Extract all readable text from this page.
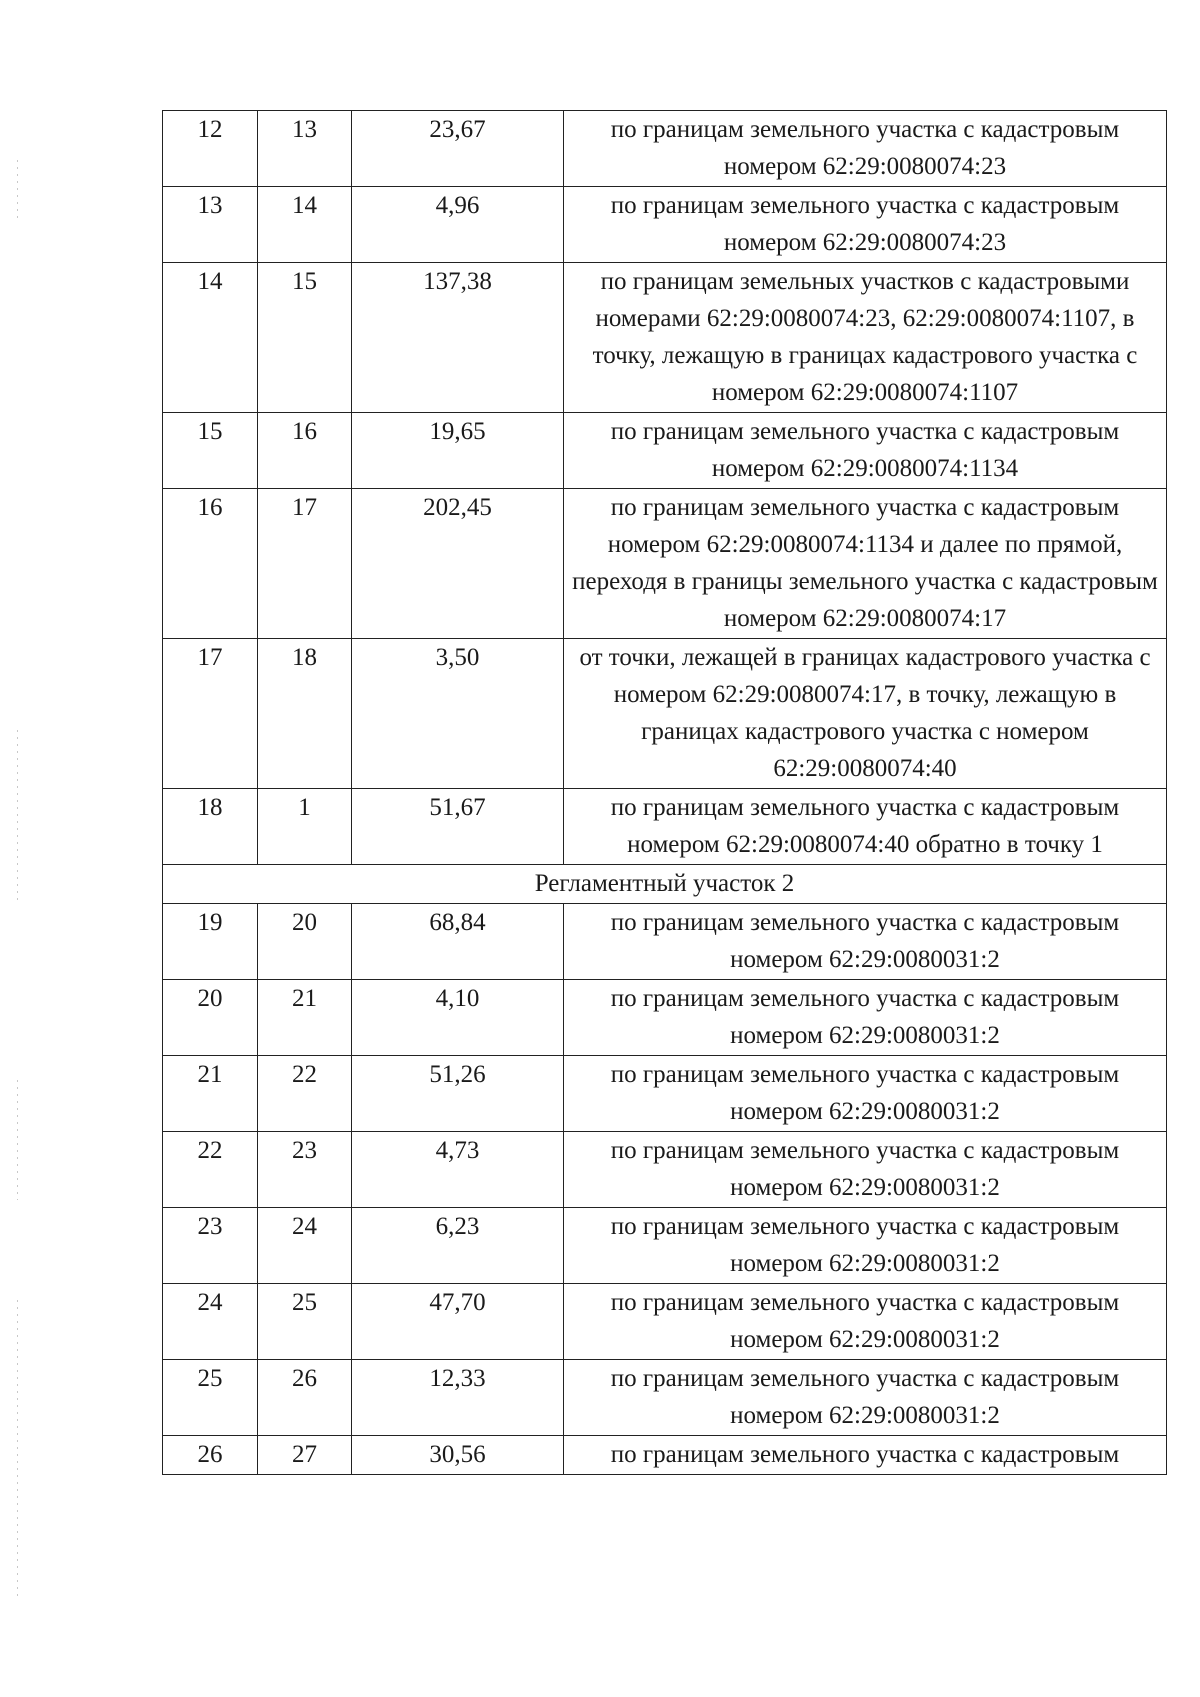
12	13	23,67	по границам земельного участка с кадастровым номером 62:29:0080074:23
13	14	4,96	по границам земельного участка с кадастровым номером 62:29:0080074:23
14	15	137,38	по границам земельных участков с кадастровыми номерами 62:29:0080074:23, 62:29:0080074:1107, в точку, лежащую в границах кадастрового участка с номером 62:29:0080074:1107
15	16	19,65	по границам земельного участка с кадастровым номером 62:29:0080074:1134
16	17	202,45	по границам земельного участка с кадастровым номером 62:29:0080074:1134 и далее по прямой, переходя в границы земельного участка с кадастровым номером 62:29:0080074:17
17	18	3,50	от точки, лежащей в границах кадастрового участка с номером 62:29:0080074:17, в точку, лежащую в границах кадастрового участка с номером 62:29:0080074:40
18	1	51,67	по границам земельного участка с кадастровым номером 62:29:0080074:40 обратно в точку 1
Регламентный участок 2			
19	20	68,84	по границам земельного участка с кадастровым номером 62:29:0080031:2
20	21	4,10	по границам земельного участка с кадастровым номером 62:29:0080031:2
21	22	51,26	по границам земельного участка с кадастровым номером 62:29:0080031:2
22	23	4,73	по границам земельного участка с кадастровым номером 62:29:0080031:2
23	24	6,23	по границам земельного участка с кадастровым номером 62:29:0080031:2
24	25	47,70	по границам земельного участка с кадастровым номером 62:29:0080031:2
25	26	12,33	по границам земельного участка с кадастровым номером 62:29:0080031:2
26	27	30,56	по границам земельного участка с кадастровым
